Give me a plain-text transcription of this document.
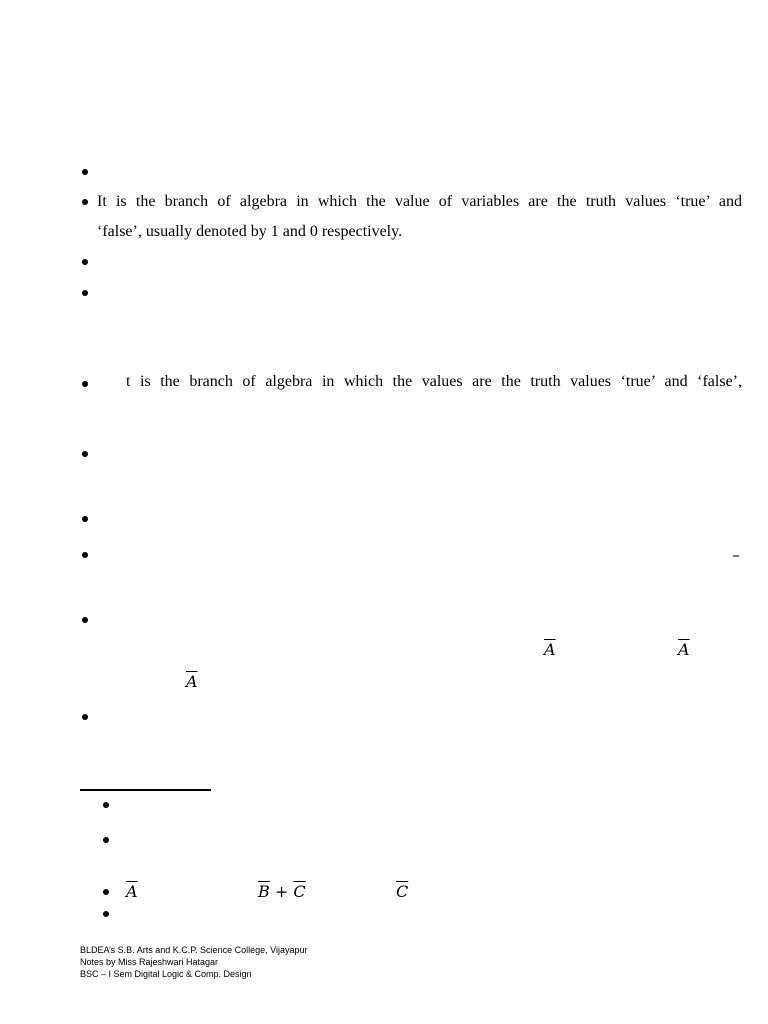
It is the branch of algebra in which the value of variables are the truth values ‘true’ and
‘false’, usually denoted by 1 and 0 respectively.
t is the branch of algebra in which the values are the truth values ‘true’ and ‘false’,
–
$\overline{A}$	$\overline{A}$
$\overline{A}$
$\overline{A}$	$\overline{B} + \overline{C}$	$\overline{C}$
BLDEA’s S.B. Arts and K.C.P. Science College, Vijayapur
Notes by Miss Rajeshwari Hatagar
BSC – I Sem Digital Logic & Comp. Design
